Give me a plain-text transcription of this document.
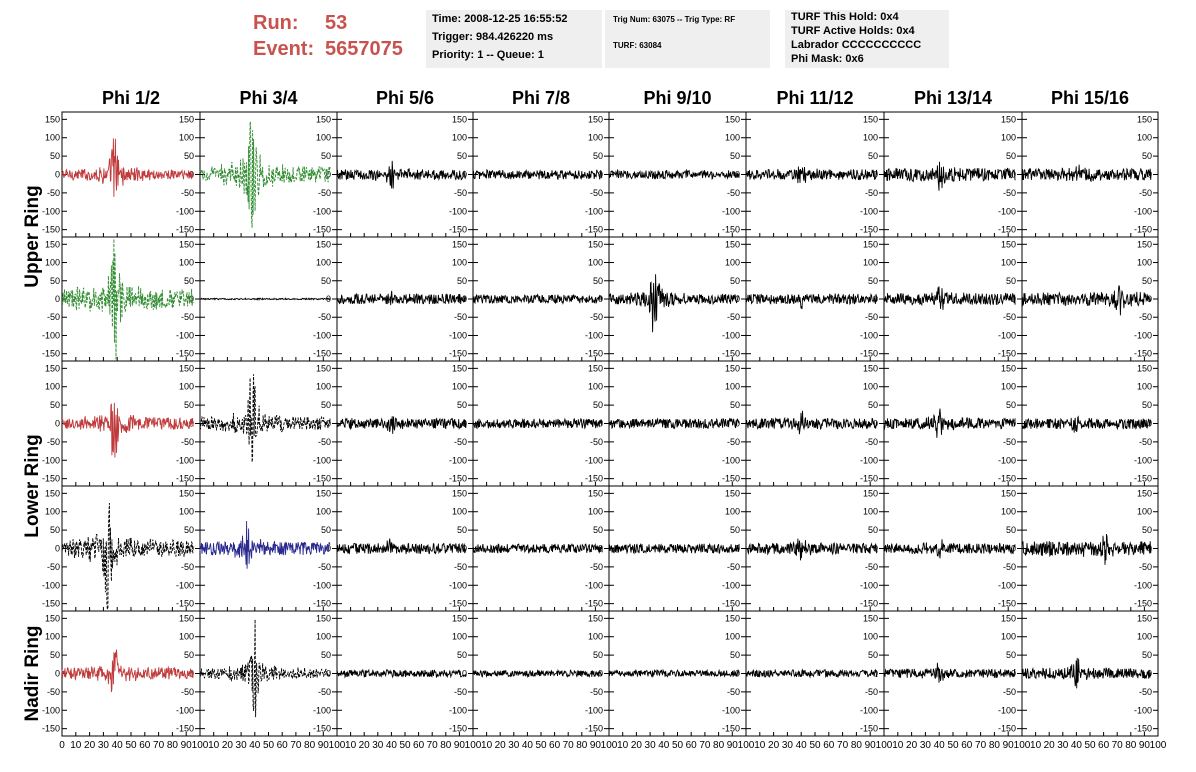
Run: 53
Event: 5657075
Time: 2008-12-25 16:55:52
Trigger: 984.426220 ms
Priority: 1 -- Queue: 1
Trig Num: 63075 -- Trig Type: RF
TURF: 63084
TURF This Hold: 0x4
TURF Active Holds: 0x4
Labrador CCCCCCCCCC
Phi Mask: 0x6
Phi 1/2	Phi 3/4	Phi 5/6	Phi 7/8	Phi 9/10	Phi 11/12	Phi 13/14	Phi 15/16
Upper Ring
Lower Ring
Nadir Ring
-150	-150
-100	-100
-50	-50
0	0
50	50
100	100
150	150
-150
-100
-50
0
50
100
150
-150
-100
-50
0
50
100
150
-150
-100
-50
0
50
100
150
-150
-100
-50
0
50
100
150
-150
-100
-50
0
50
100
150
-150
-100
-50
0
50
100
150
-150
-100
-50
0
50
100
150
-150	-150
-100	-100
-50	-50
0	0
50	50
100	100
150	150
-150
-100
-50
0
50
100
150
-150
-100
-50
0
50
100
150
-150
-100
-50
0
50
100
150
-150
-100
-50
0
50
100
150
-150
-100
-50
0
50
100
150
-150
-100
-50
0
50
100
150
-150
-100
-50
0
50
100
150
-150	-150
-100	-100
-50	-50
0	0
50	50
100	100
150	150
-150
-100
-50
0
50
100
150
-150
-100
-50
0
50
100
150
-150
-100
-50
0
50
100
150
-150
-100
-50
0
50
100
150
-150
-100
-50
0
50
100
150
-150
-100
-50
0
50
100
150
-150
-100
-50
0
50
100
150
-150	-150
-100	-100
-50	-50
0	0
50	50
100	100
150	150
-150
-100
-50
0
50
100
150
-150
-100
-50
0
50
100
150
-150
-100
-50
0
50
100
150
-150
-100
-50
0
50
100
150
-150
-100
-50
0
50
100
150
-150
-100
-50
0
50
100
150
-150
-100
-50
0
50
100
150
-150	-150
-100	-100
-50	-50
0	0
50	50
100	100
150	150
-150
-100
-50
0
50
100
150
-150
-100
-50
0
50
100
150
-150
-100
-50
0
50
100
150
-150
-100
-50
0
50
100
150
-150
-100
-50
0
50
100
150
-150
-100
-50
0
50
100
150
-150
-100
-50
0
50
100
150
0 10 20 30 40 50 60 70 80 90 100 10 20 30 40 50 60 70 80 90 100 10 20 30 40 50 60 70 80 90 100 10 20 30 40 50 60 70 80 90 100 10 20 30 40 50 60 70 80 90 100 10 20 30 40 50 60 70 80 90 100 10 20 30 40 50 60 70 80 90 100 10 20 30 40 50 60 70 80 90 100
